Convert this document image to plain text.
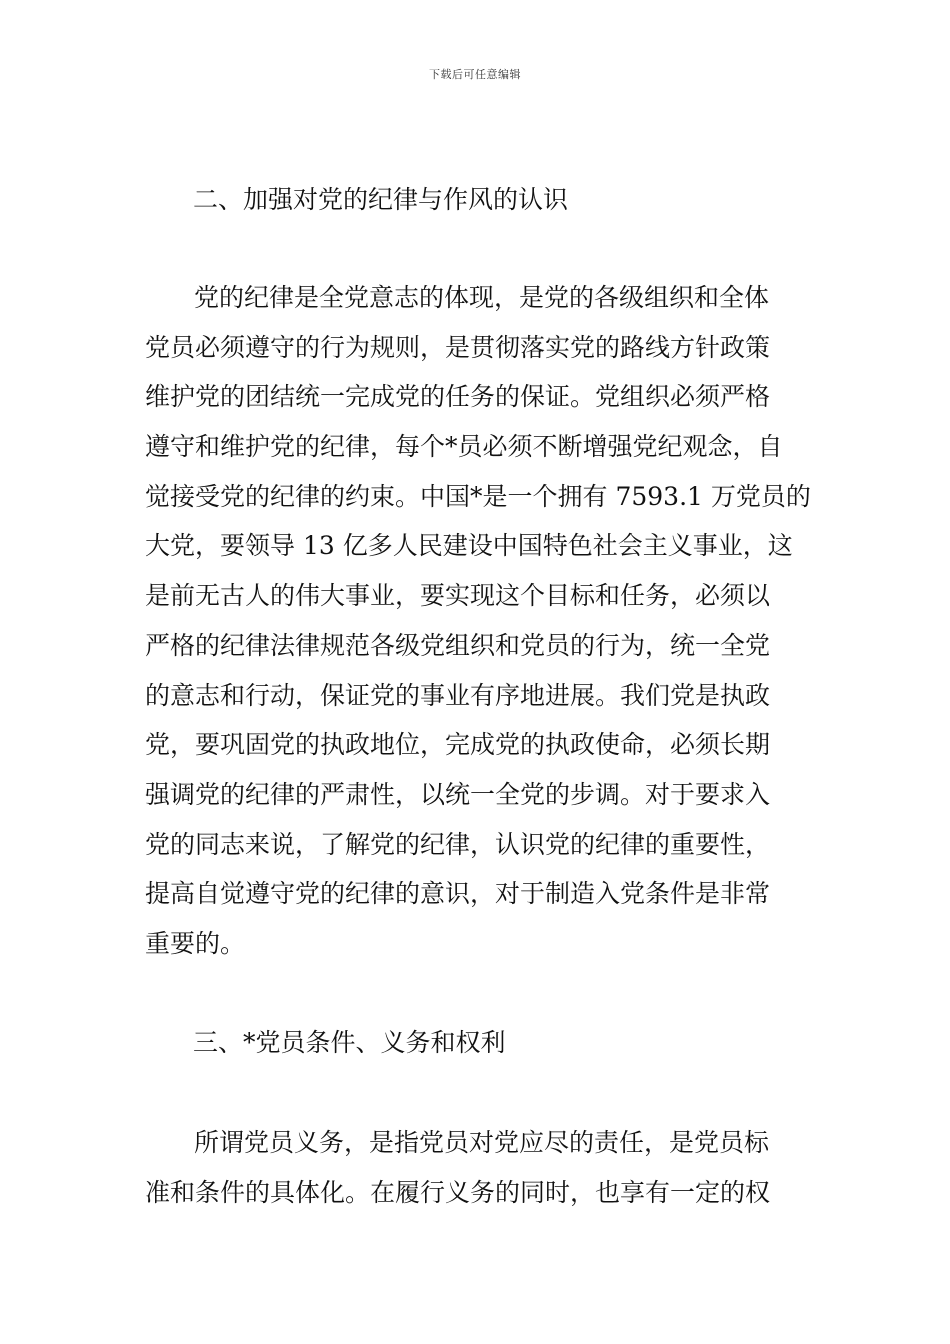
下载后可任意编辑
二、加强对党的纪律与作风的认识
党的纪律是全党意志的体现，是党的各级组织和全体
党员必须遵守的行为规则，是贯彻落实党的路线方针政策
维护党的团结统一完成党的任务的保证。党组织必须严格
遵守和维护党的纪律，每个*员必须不断增强党纪观念，自
觉接受党的纪律的约束。中国*是一个拥有 7593.1 万党员的
大党，要领导 13 亿多人民建设中国特色社会主义事业，这
是前无古人的伟大事业，要实现这个目标和任务，必须以
严格的纪律法律规范各级党组织和党员的行为，统一全党
的意志和行动，保证党的事业有序地进展。我们党是执政
党，要巩固党的执政地位，完成党的执政使命，必须长期
强调党的纪律的严肃性，以统一全党的步调。对于要求入
党的同志来说，了解党的纪律，认识党的纪律的重要性，
提高自觉遵守党的纪律的意识，对于制造入党条件是非常
重要的。
三、*党员条件、义务和权利
所谓党员义务，是指党员对党应尽的责任，是党员标
准和条件的具体化。在履行义务的同时，也享有一定的权
